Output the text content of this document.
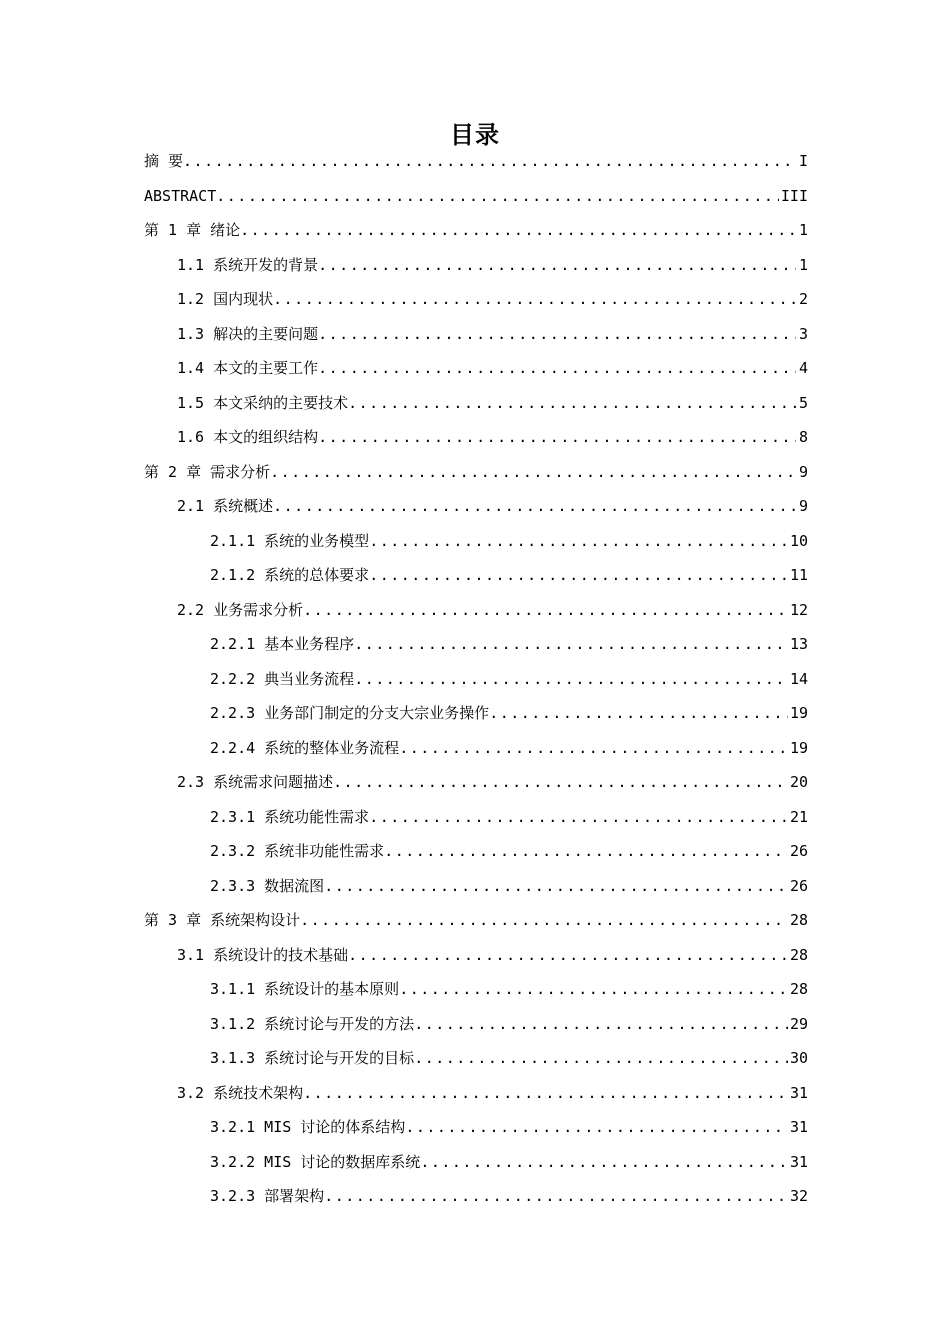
目录
摘 要 .....	I
ABSTRACT .....	III
第 1 章 绪论 .....	1
1.1 系统开发的背景 .....	1
1.2 国内现状 .....	2
1.3 解决的主要问题 .....	3
1.4 本文的主要工作 .....	4
1.5 本文采纳的主要技术 .....	5
1.6 本文的组织结构 .....	8
第 2 章 需求分析 .....	9
2.1 系统概述 .....	9
2.1.1 系统的业务模型 .....	10
2.1.2 系统的总体要求 .....	11
2.2 业务需求分析 .....	12
2.2.1 基本业务程序 .....	13
2.2.2 典当业务流程 .....	14
2.2.3 业务部门制定的分支大宗业务操作 .....	19
2.2.4 系统的整体业务流程 .....	19
2.3 系统需求问题描述 .....	20
2.3.1 系统功能性需求 .....	21
2.3.2 系统非功能性需求 .....	26
2.3.3 数据流图 .....	26
第 3 章 系统架构设计 .....	28
3.1 系统设计的技术基础 .....	28
3.1.1 系统设计的基本原则 .....	28
3.1.2 系统讨论与开发的方法 .....	29
3.1.3 系统讨论与开发的目标 .....	30
3.2 系统技术架构 .....	31
3.2.1 MIS 讨论的体系结构 .....	31
3.2.2 MIS 讨论的数据库系统 .....	31
3.2.3 部署架构 .....	32
